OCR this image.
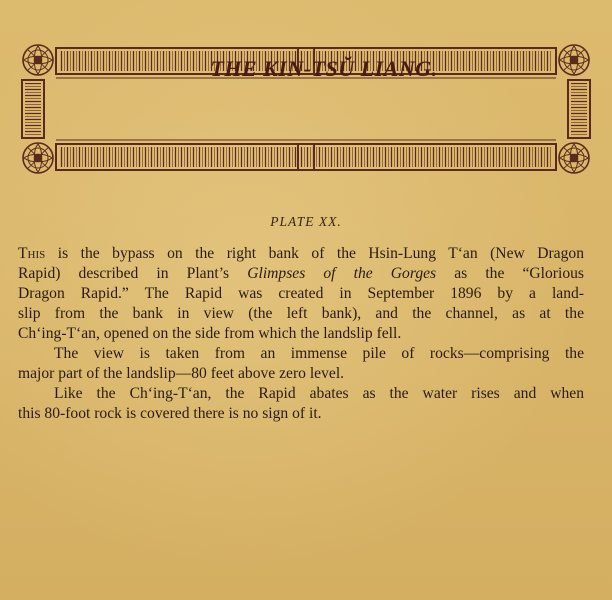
THE KIN-TSŬ LIANG.
PLATE XX.
This is the bypass on the right bank of the Hsin-Lung T‘an (New Dragon
Rapid) described in Plant’s Glimpses of the Gorges as the “Glorious
Dragon Rapid.” The Rapid was created in September 1896 by a land-
slip from the bank in view (the left bank), and the channel, as at the
Ch‘ing-T‘an, opened on the side from which the landslip fell.
The view is taken from an immense pile of rocks—comprising the
major part of the landslip—80 feet above zero level.
Like the Ch‘ing-T‘an, the Rapid abates as the water rises and when
this 80-foot rock is covered there is no sign of it.
